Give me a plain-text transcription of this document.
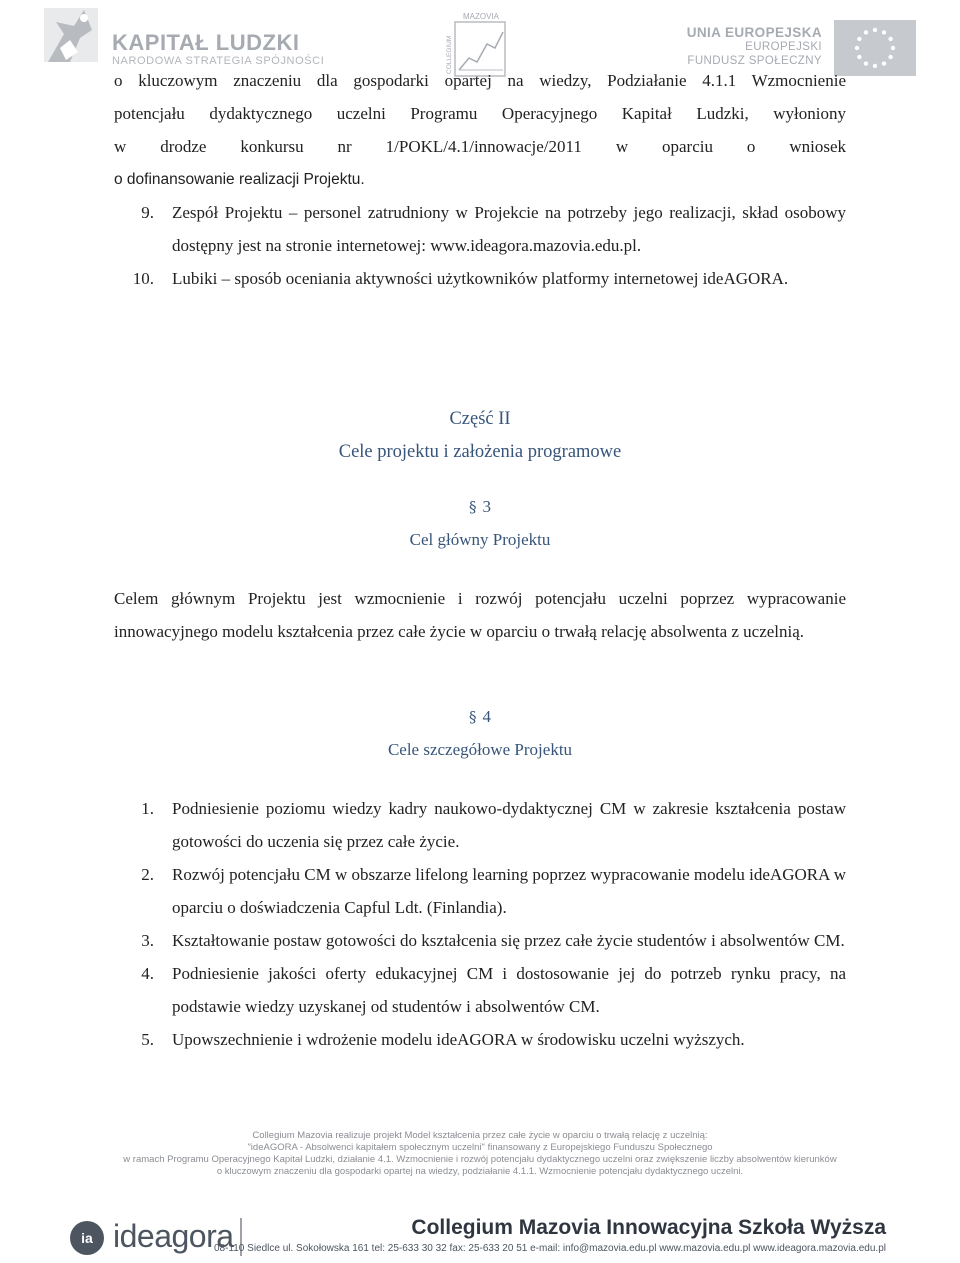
KAPITAŁ LUDZKI
NARODOWA STRATEGIA SPÓJNOŚCI
MAZOVIA
COLLEGIUM
UNIA EUROPEJSKA
EUROPEJSKI
FUNDUSZ SPOŁECZNY
o kluczowym znaczeniu dla gospodarki opartej na wiedzy, Podziałanie 4.1.1 Wzmocnienie
potencjału dydaktycznego uczelni Programu Operacyjnego Kapitał Ludzki, wyłoniony
w drodze konkursu nr 1/POKL/4.1/innowacje/2011 w oparciu o wniosek
o dofinansowanie realizacji Projektu.
9. Zespół Projektu – personel zatrudniony w Projekcie na potrzeby jego realizacji, skład osobowy dostępny jest na stronie internetowej: www.ideagora.mazovia.edu.pl.
10. Lubiki – sposób oceniania aktywności użytkowników platformy internetowej ideAGORA.
Część II
Cele projektu i założenia programowe
§ 3
Cel główny Projektu
Celem głównym Projektu jest wzmocnienie i rozwój potencjału uczelni poprzez wypracowanie innowacyjnego modelu kształcenia przez całe życie w oparciu o trwałą relację absolwenta z uczelnią.
§ 4
Cele szczegółowe Projektu
1. Podniesienie poziomu wiedzy kadry naukowo-dydaktycznej CM w zakresie kształcenia postaw gotowości do uczenia się przez całe życie.
2. Rozwój potencjału CM w obszarze lifelong learning poprzez wypracowanie modelu ideAGORA w oparciu o doświadczenia Capful Ldt. (Finlandia).
3. Kształtowanie postaw gotowości do kształcenia się przez całe życie studentów i absolwentów CM.
4. Podniesienie jakości oferty edukacyjnej CM i dostosowanie jej do potrzeb rynku pracy, na podstawie wiedzy uzyskanej od studentów i absolwentów CM.
5. Upowszechnienie i wdrożenie modelu ideAGORA w środowisku uczelni wyższych.
Collegium Mazovia realizuje projekt Model kształcenia przez całe życie w oparciu o trwałą relację z uczelnią:
"ideAGORA - Absolwenci kapitałem społecznym uczelni" finansowany z Europejskiego Funduszu Społecznego
w ramach Programu Operacyjnego Kapitał Ludzki, działanie 4.1. Wzmocnienie i rozwój potencjału dydaktycznego uczelni oraz zwiększenie liczby absolwentów kierunków
o kluczowym znaczeniu dla gospodarki opartej na wiedzy, podziałanie 4.1.1. Wzmocnienie potencjału dydaktycznego uczelni.
ia ideagora	Collegium Mazovia Innowacyjna Szkoła Wyższa
08-110 Siedlce ul. Sokołowska 161 tel: 25-633 30 32 fax: 25-633 20 51 e-mail: info@mazovia.edu.pl www.mazovia.edu.pl www.ideagora.mazovia.edu.pl
